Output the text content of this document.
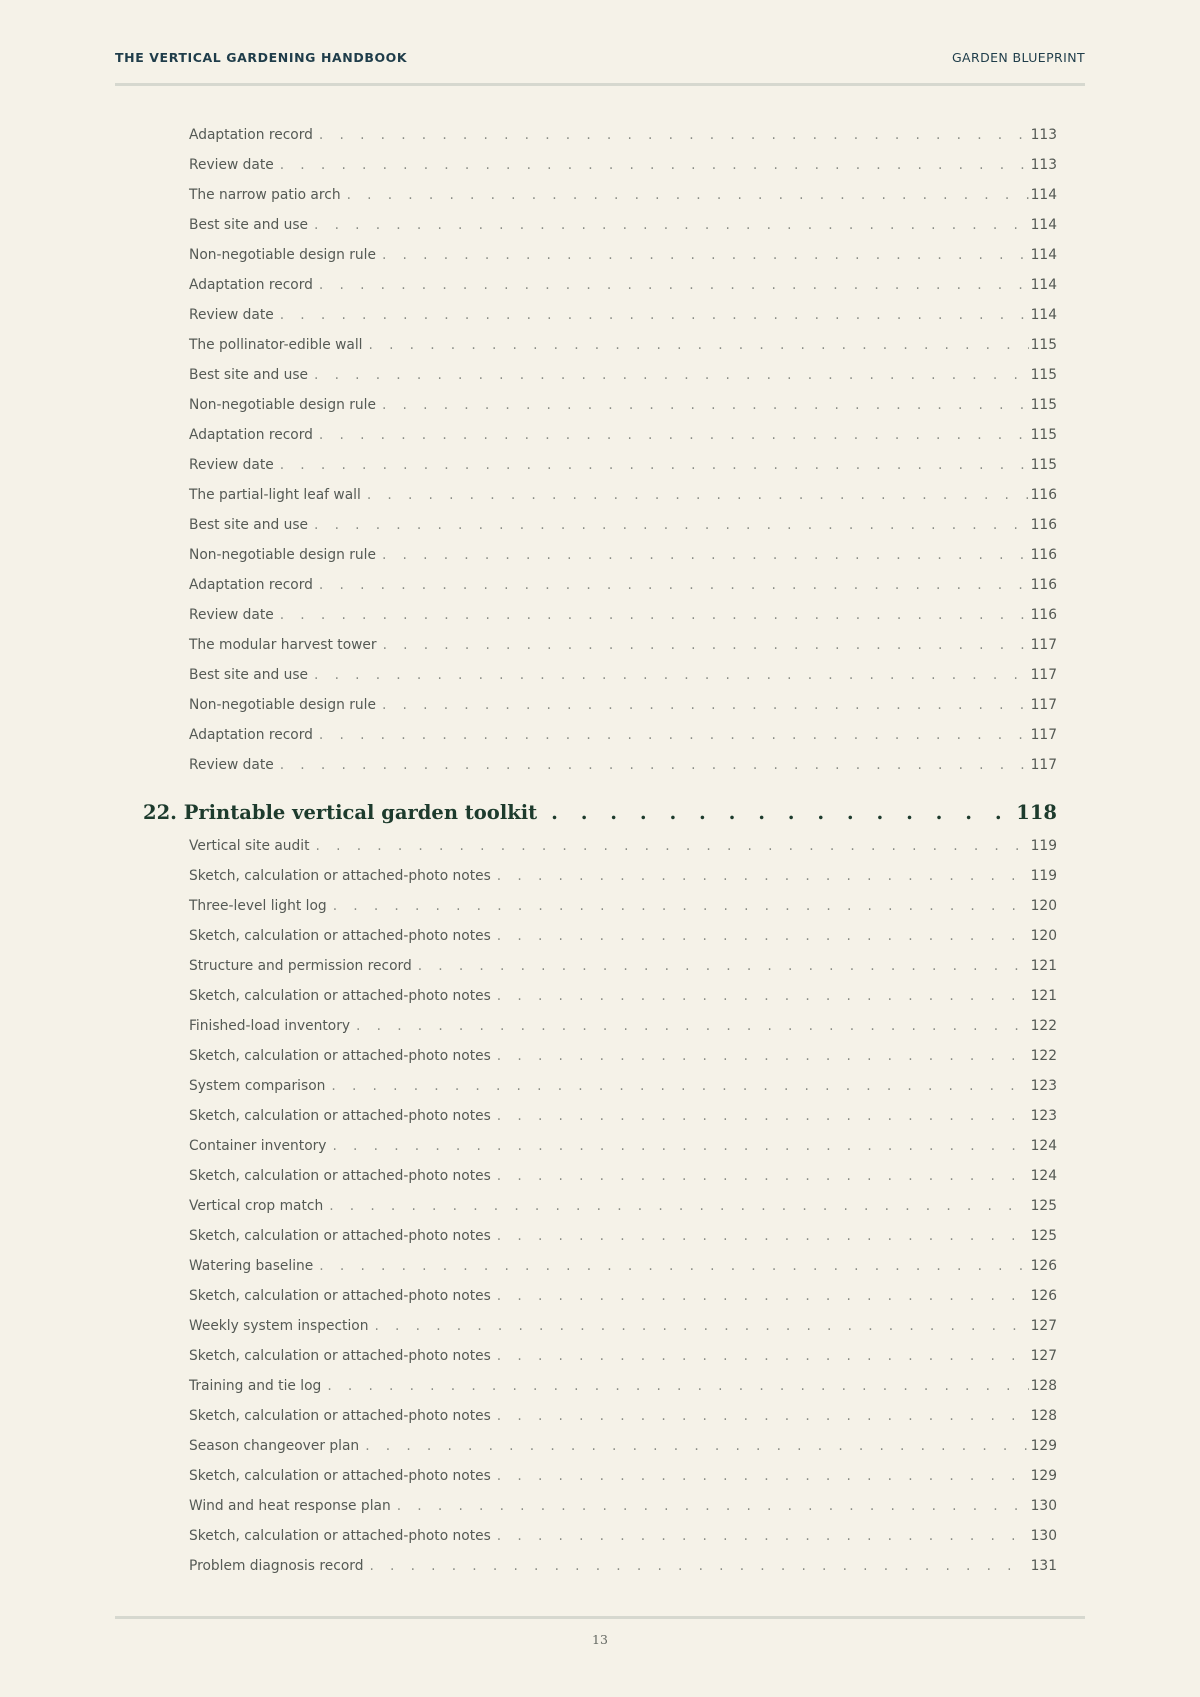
THE VERTICAL GARDENING HANDBOOK	GARDEN BLUEPRINT
Adaptation record . . .	113
Review date . . .	113
The narrow patio arch . . .	114
Best site and use . . .	114
Non-negotiable design rule . . .	114
Adaptation record . . .	114
Review date . . .	114
The pollinator-edible wall . . .	115
Best site and use . . .	115
Non-negotiable design rule . . .	115
Adaptation record . . .	115
Review date . . .	115
The partial-light leaf wall . . .	116
Best site and use . . .	116
Non-negotiable design rule . . .	116
Adaptation record . . .	116
Review date . . .	116
The modular harvest tower . . .	117
Best site and use . . .	117
Non-negotiable design rule . . .	117
Adaptation record . . .	117
Review date . . .	117
22. Printable vertical garden toolkit . . .	118
Vertical site audit . . .	119
Sketch, calculation or attached-photo notes . . .	119
Three-level light log . . .	120
Sketch, calculation or attached-photo notes . . .	120
Structure and permission record . . .	121
Sketch, calculation or attached-photo notes . . .	121
Finished-load inventory . . .	122
Sketch, calculation or attached-photo notes . . .	122
System comparison . . .	123
Sketch, calculation or attached-photo notes . . .	123
Container inventory . . .	124
Sketch, calculation or attached-photo notes . . .	124
Vertical crop match . . .	125
Sketch, calculation or attached-photo notes . . .	125
Watering baseline . . .	126
Sketch, calculation or attached-photo notes . . .	126
Weekly system inspection . . .	127
Sketch, calculation or attached-photo notes . . .	127
Training and tie log . . .	128
Sketch, calculation or attached-photo notes . . .	128
Season changeover plan . . .	129
Sketch, calculation or attached-photo notes . . .	129
Wind and heat response plan . . .	130
Sketch, calculation or attached-photo notes . . .	130
Problem diagnosis record . . .	131
13
